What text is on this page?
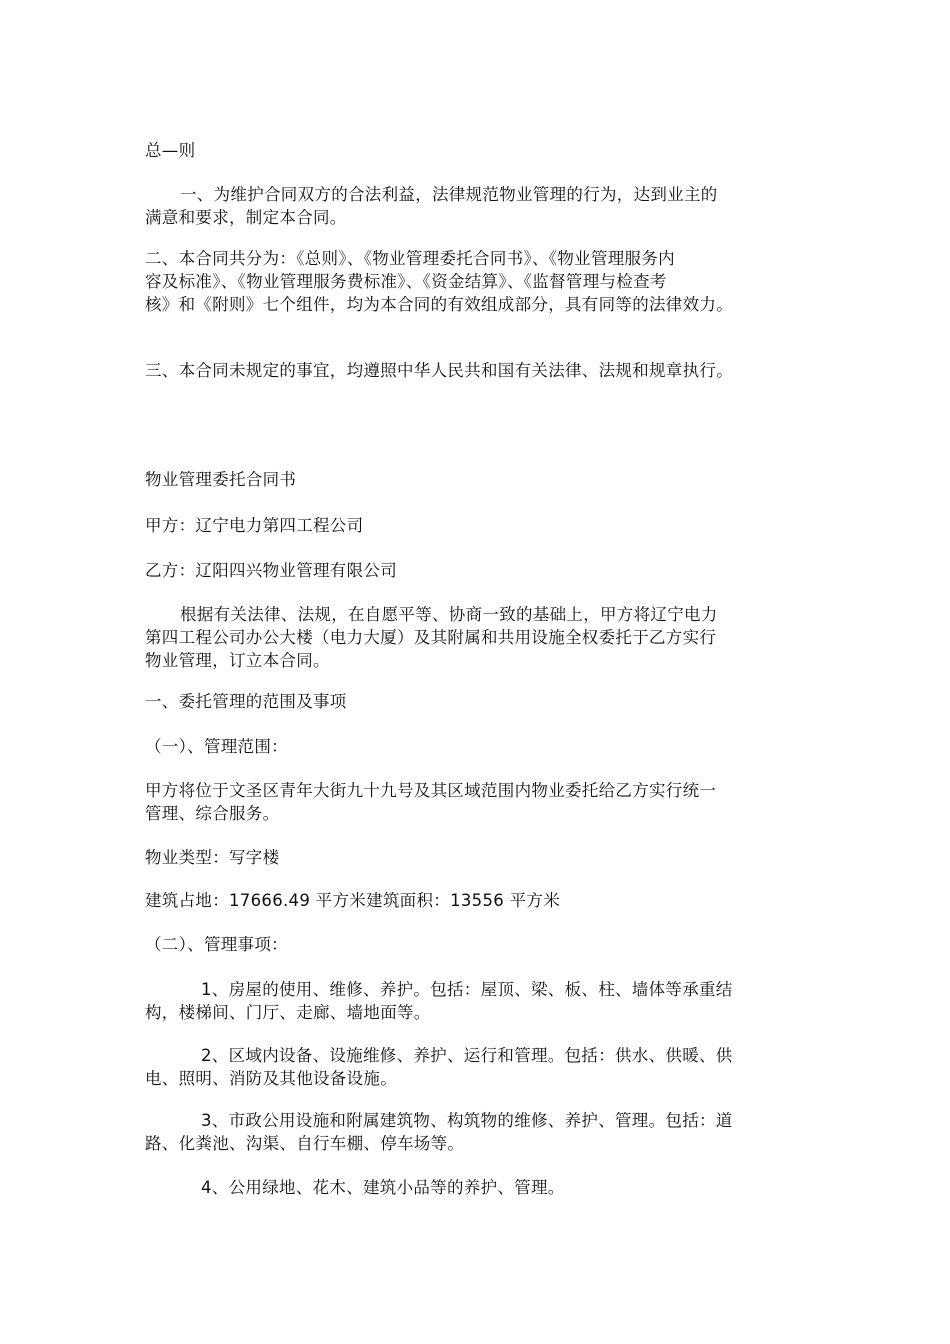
总—则
一、为维护合同双方的合法利益，法律规范物业管理的行为，达到业主的
满意和要求，制定本合同。
二、本合同共分为：《总则》、《物业管理委托合同书》、《物业管理服务内
容及标准》、《物业管理服务费标准》、《资金结算》、《监督管理与检查考
核》和《附则》七个组件，均为本合同的有效组成部分，具有同等的法律效力。
三、本合同未规定的事宜，均遵照中华人民共和国有关法律、法规和规章执行。
物业管理委托合同书
甲方：辽宁电力第四工程公司
乙方：辽阳四兴物业管理有限公司
根据有关法律、法规，在自愿平等、协商一致的基础上，甲方将辽宁电力
第四工程公司办公大楼（电力大厦）及其附属和共用设施全权委托于乙方实行
物业管理，订立本合同。
一、委托管理的范围及事项
（一）、管理范围：
甲方将位于文圣区青年大街九十九号及其区域范围内物业委托给乙方实行统一
管理、综合服务。
物业类型：写字楼
建筑占地：17666.49 平方米建筑面积：13556 平方米
（二）、管理事项：
1、房屋的使用、维修、养护。包括：屋顶、梁、板、柱、墙体等承重结
构，楼梯间、门厅、走廊、墙地面等。
2、区域内设备、设施维修、养护、运行和管理。包括：供水、供暖、供
电、照明、消防及其他设备设施。
3、市政公用设施和附属建筑物、构筑物的维修、养护、管理。包括：道
路、化粪池、沟渠、自行车棚、停车场等。
4、公用绿地、花木、建筑小品等的养护、管理。
